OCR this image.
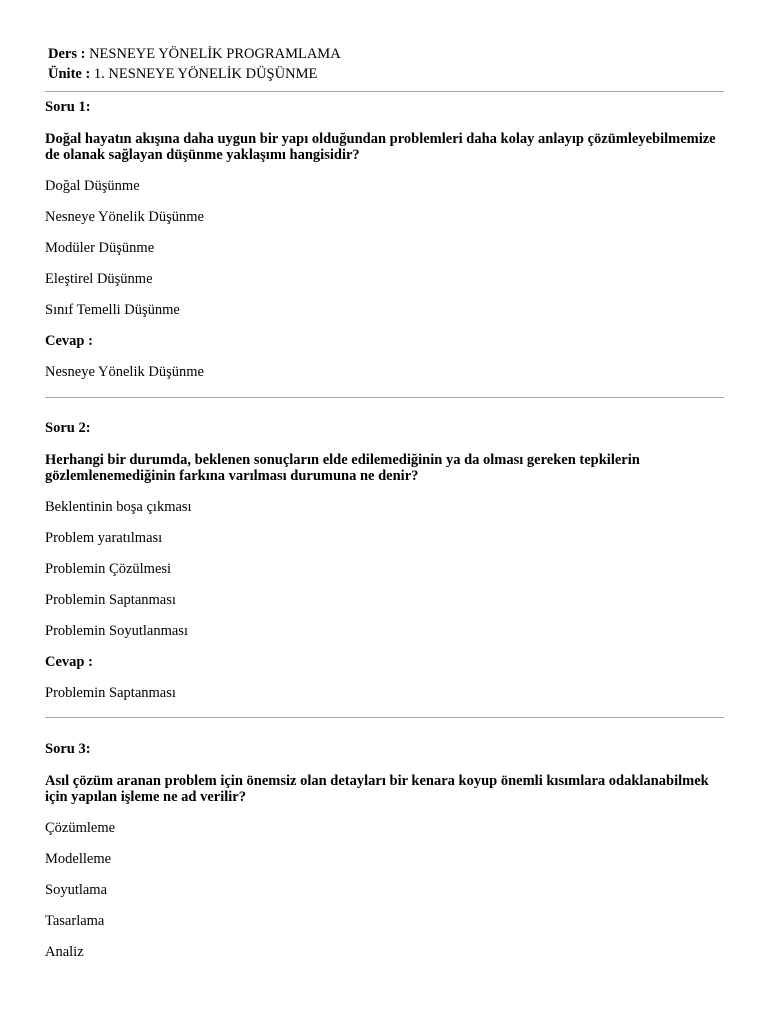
Ders : NESNEYE YÖNELİK PROGRAMLAMA
Ünite : 1. NESNEYE YÖNELİK DÜŞÜNME
Soru 1:
Doğal hayatın akışına daha uygun bir yapı olduğundan problemleri daha kolay anlayıp çözümleyebilmemize de olanak sağlayan düşünme yaklaşımı hangisidir?
Doğal Düşünme
Nesneye Yönelik Düşünme
Modüler Düşünme
Eleştirel Düşünme
Sınıf Temelli Düşünme
Cevap :
Nesneye Yönelik Düşünme
Soru 2:
Herhangi bir durumda, beklenen sonuçların elde edilemediğinin ya da olması gereken tepkilerin gözlemlenemediğinin farkına varılması durumuna ne denir?
Beklentinin boşa çıkması
Problem yaratılması
Problemin Çözülmesi
Problemin Saptanması
Problemin Soyutlanması
Cevap :
Problemin Saptanması
Soru 3:
Asıl çözüm aranan problem için önemsiz olan detayları bir kenara koyup önemli kısımlara odaklanabilmek için yapılan işleme ne ad verilir?
Çözümleme
Modelleme
Soyutlama
Tasarlama
Analiz
